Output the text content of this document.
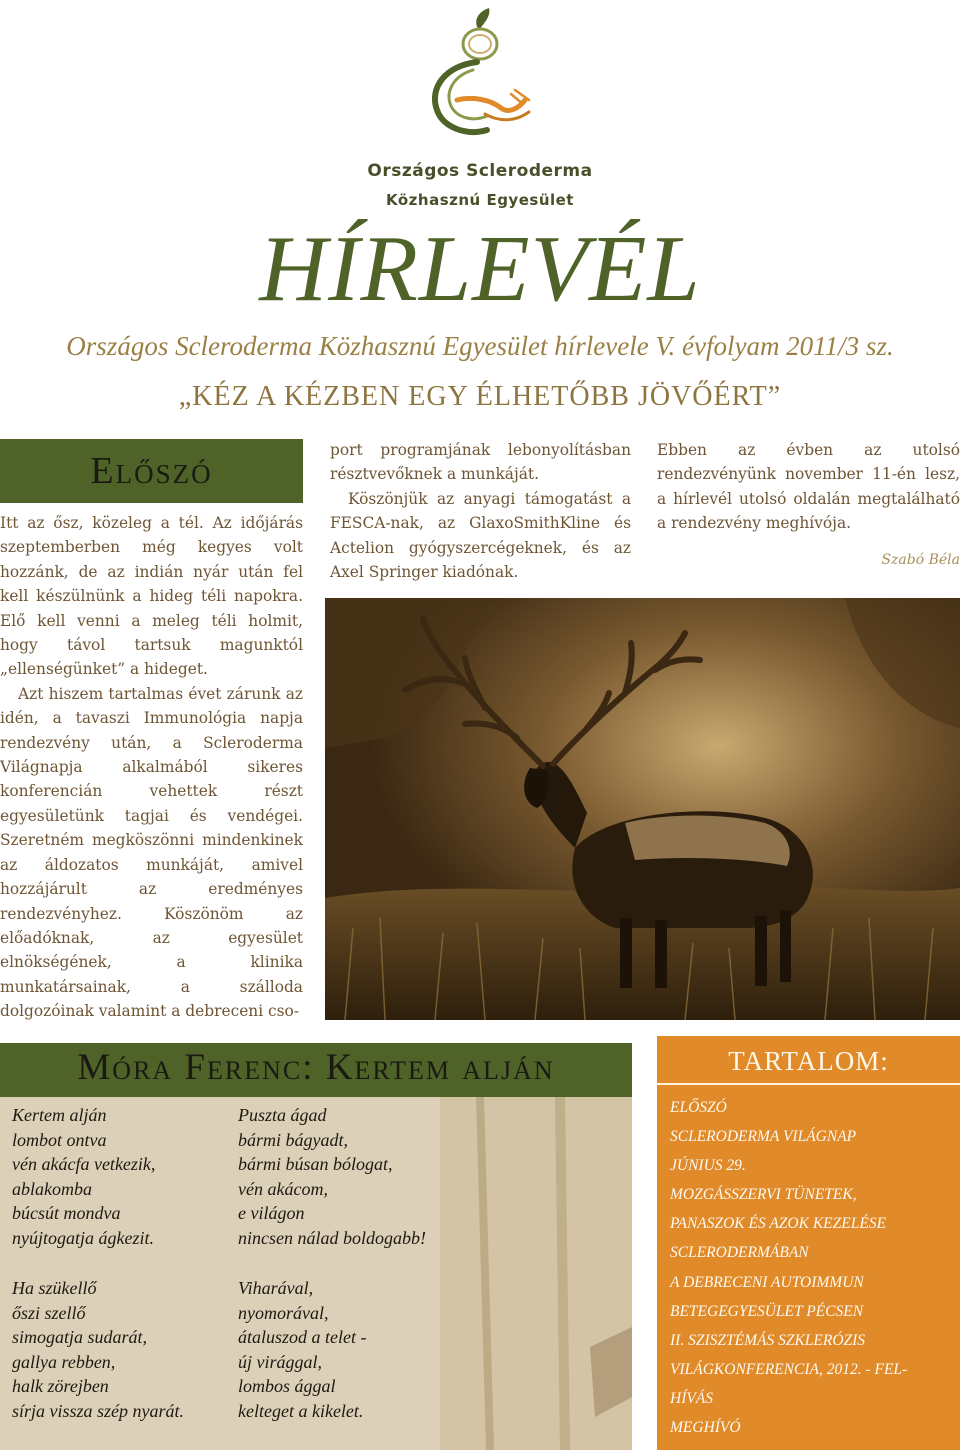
Országos Scleroderma
Közhasznú Egyesület
HÍRLEVÉL
Országos Scleroderma Közhasznú Egyesület hírlevele V. évfolyam 2011/3 sz.
„KÉZ A KÉZBEN EGY ÉLHETŐBB JÖVŐÉRT”
Előszó

Itt az ősz, közeleg a tél. Az időjárás szeptemberben még kegyes volt hozzánk, de az indián nyár után fel kell készülnünk a hideg téli napokra. Elő kell venni a meleg téli holmit, hogy távol tartsuk magunktól „ellenségünket” a hideget.

Azt hiszem tartalmas évet zárunk az idén, a tavaszi Immunológia napja rendezvény után, a Scleroderma Világnapja alkalmából sikeres konferencián vehettek részt egyesületünk tagjai és vendégei. Szeretném megköszönni mindenkinek az áldozatos munkáját, amivel hozzájárult az eredményes rendezvényhez. Köszönöm az előadóknak, az egyesület elnökségének, a klinika munkatársainak, a szálloda dolgozóinak valamint a debreceni cso-

port programjának lebonyolításban résztvevőknek a munkáját.

Köszönjük az anyagi támogatást a FESCA-nak, az GlaxoSmithKline és Actelion gyógyszercégeknek, és az Axel Springer kiadónak.

Ebben az évben az utolsó rendezvényünk november 11-én lesz, a hírlevél utolsó oldalán megtalálható a rendezvény meghívója.

Szabó Béla
Móra Ferenc: Kertem alján
Kertem alján
lombot ontva
vén akácfa vetkezik,
ablakomba
búcsút mondva
nyújtogatja ágkezit.
Ha szükellő
őszi szellő
simogatja sudarát,
gallya rebben,
halk zörejben
sírja vissza szép nyarát.
Puszta ágad
bármi bágyadt,
bármi búsan bólogat,
vén akácom,
e világon
nincsen nálad boldogabb!
Viharával,
nyomorával,
átaluszod a telet -
új virággal,
lombos ággal
kelteget a kikelet.
TARTALOM:
ELŐSZÓ
SCLERODERMA VILÁGNAP
JÚNIUS 29.
MOZGÁSSZERVI TÜNETEK,
PANASZOK ÉS AZOK KEZELÉSE
SCLERODERMÁBAN
A DEBRECENI AUTOIMMUN
BETEGEGYESÜLET PÉCSEN
II. SZISZTÉMÁS SZKLERÓZIS
VILÁGKONFERENCIA, 2012. - FEL-
HÍVÁS
MEGHÍVÓ
